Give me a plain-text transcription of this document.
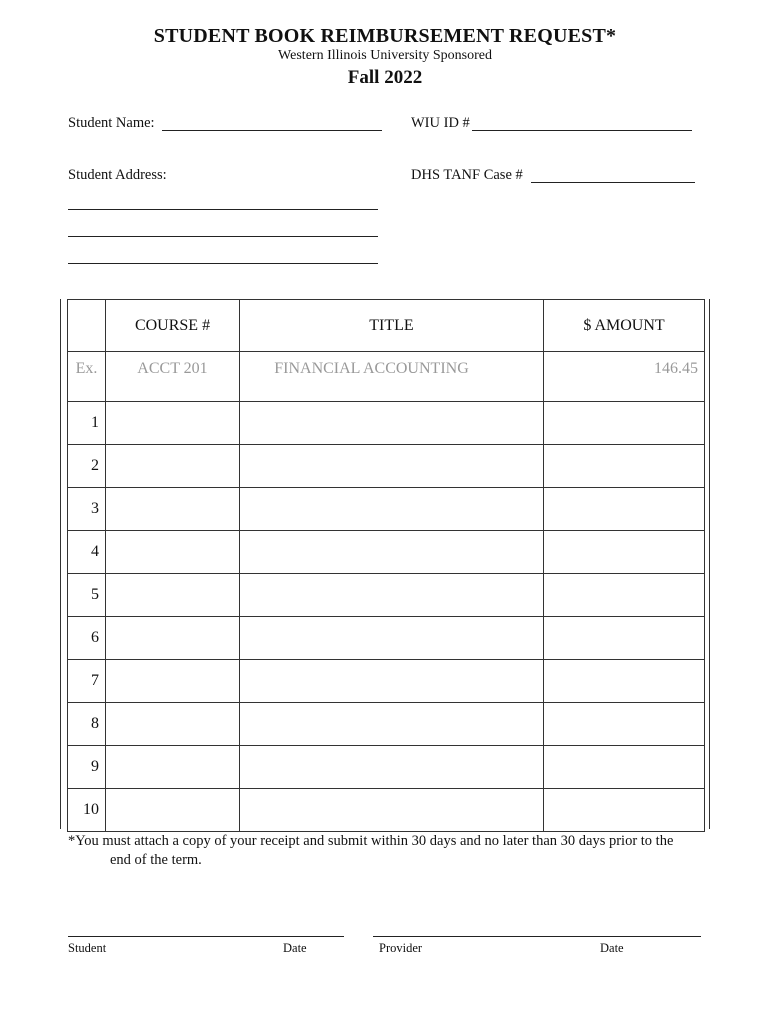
STUDENT BOOK REIMBURSEMENT REQUEST*
Western Illinois University Sponsored
Fall 2022
Student Name:	WIU ID #
Student Address:	DHS TANF Case #
	COURSE #	TITLE	$ AMOUNT
Ex.	ACCT 201	FINANCIAL ACCOUNTING	146.45
1			
2			
3			
4			
5			
6			
7			
8			
9			
10			
*You must attach a copy of your receipt and submit within 30 days and no later than 30 days prior to the
end of the term.
Student	Date	Provider	Date
